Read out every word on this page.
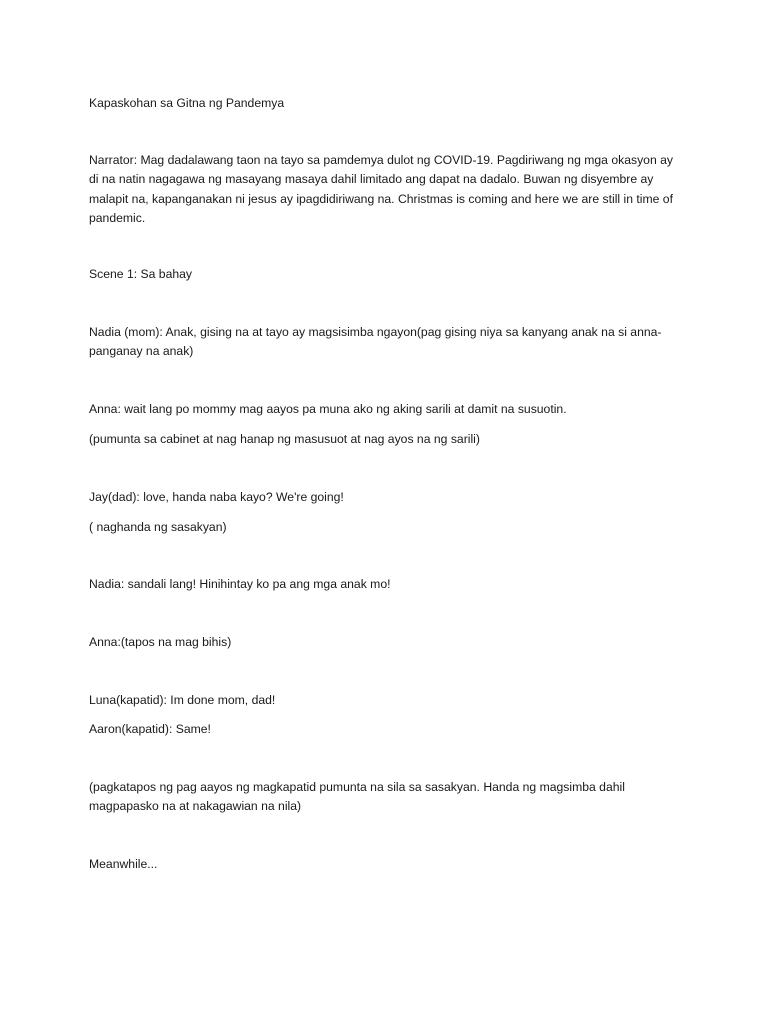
Kapaskohan sa Gitna ng Pandemya

Narrator: Mag dadalawang taon na tayo sa pamdemya dulot ng COVID-19. Pagdiriwang ng mga okasyon ay di na natin nagagawa ng masayang masaya dahil limitado ang dapat na dadalo. Buwan ng disyembre ay malapit na, kapanganakan ni jesus ay ipagdidiriwang na. Christmas is coming and here we are still in time of pandemic.

Scene 1: Sa bahay

Nadia (mom): Anak, gising na at tayo ay magsisimba ngayon(pag gising niya sa kanyang anak na si anna-panganay na anak)

Anna: wait lang po mommy mag aayos pa muna ako ng aking sarili at damit na susuotin.

(pumunta sa cabinet at nag hanap ng masusuot at nag ayos na ng sarili)

Jay(dad): love, handa naba kayo? We're going!

( naghanda ng sasakyan)

Nadia: sandali lang! Hinihintay ko pa ang mga anak mo!

Anna:(tapos na mag bihis)

Luna(kapatid): Im done mom, dad!

Aaron(kapatid): Same!

(pagkatapos ng pag aayos ng magkapatid pumunta na sila sa sasakyan. Handa ng magsimba dahil magpapasko na at nakagawian na nila)

Meanwhile...
